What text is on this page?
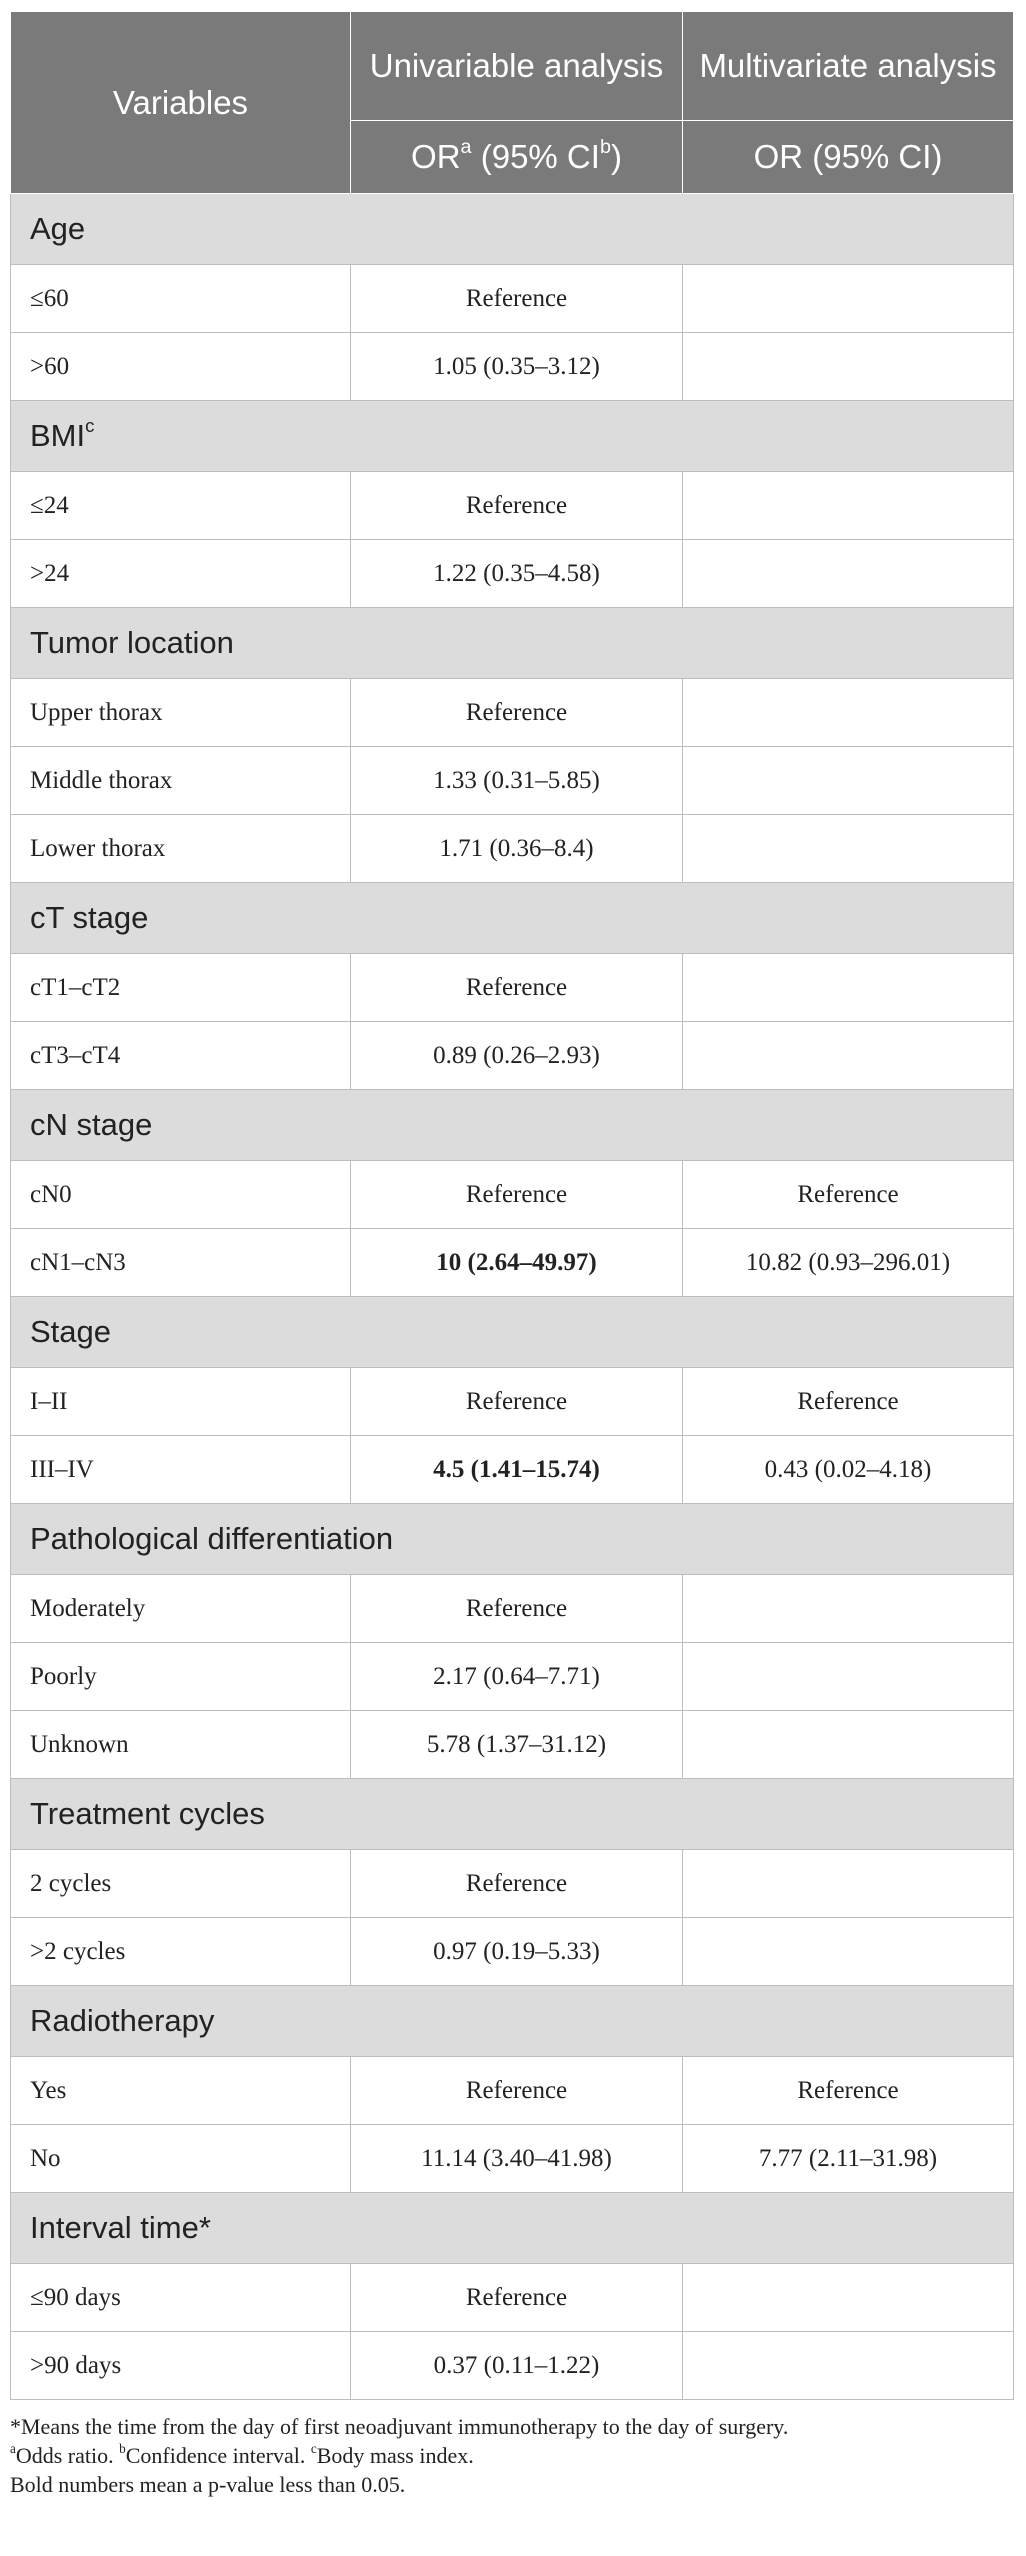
Variables	Univariable analysis	Multivariate analysis
	$OR^a$ (95% $CI^b$)	OR (95% CI)
Age		
≤60	Reference	
>60	1.05 (0.35–3.12)	
$BMI^c$
≤24	Reference	
>24	1.22 (0.35–4.58)	
Tumor location		
Upper thorax	Reference	
Middle thorax	1.33 (0.31–5.85)	
Lower thorax	1.71 (0.36–8.4)	
cT stage		
cT1–cT2	Reference	
cT3–cT4	0.89 (0.26–2.93)	
cN stage		
cN0	Reference	Reference
cN1–cN3	10 (2.64–49.97)	10.82 (0.93–296.01)
Stage		
I–II	Reference	Reference
III–IV	4.5 (1.41–15.74)	0.43 (0.02–4.18)
Pathological differentiation		
Moderately	Reference	
Poorly	2.17 (0.64–7.71)	
Unknown	5.78 (1.37–31.12)	
Treatment cycles		
2 cycles	Reference	
>2 cycles	0.97 (0.19–5.33)	
Radiotherapy		
Yes	Reference	Reference
No	11.14 (3.40–41.98)	7.77 (2.11–31.98)
Interval time*		
≤90 days	Reference	
>90 days	0.37 (0.11–1.22)	

*Means the time from the day of first neoadjuvant immunotherapy to the day of surgery.

$^a$Odds ratio. $^b$Confidence interval. $^c$Body mass index.

Bold numbers mean a p-value less than 0.05.
